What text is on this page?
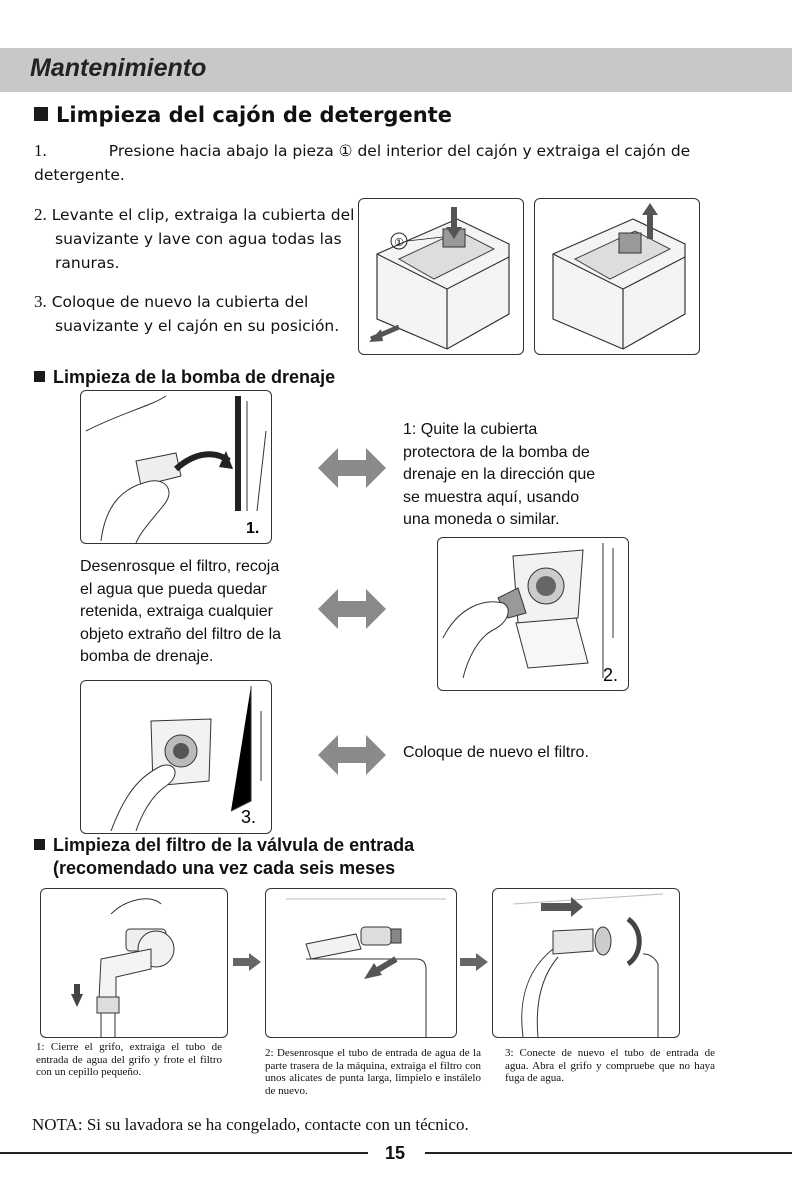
Mantenimiento
Limpieza del cajón de detergente
1.	Presione hacia abajo la pieza ① del interior del cajón y extraiga el cajón de
detergente.
2. Levante el clip, extraiga la cubierta del
suavizante y lave con agua todas las
ranuras.
3. Coloque de nuevo la cubierta del
suavizante y el cajón en su posición.
①
Limpieza de la bomba de drenaje
1.
1: Quite la cubierta
protectora de la bomba de
drenaje en la dirección que
se muestra aquí, usando
una moneda o similar.
Desenrosque el filtro, recoja
el agua que pueda quedar
retenida, extraiga cualquier
objeto extraño del filtro de la
bomba de drenaje.
2.
3.
Coloque de nuevo el filtro.
Limpieza del filtro de la válvula de entrada
(recomendado una vez cada seis meses
1: Cierre el grifo, extraiga el tubo de entrada de agua del grifo y frote el filtro con un cepillo pequeño.
2: Desenrosque el tubo de entrada de agua de la parte trasera de la máquina, extraiga el filtro con unos alicates de punta larga, limpielo e instálelo de nuevo.
3: Conecte de nuevo el tubo de entrada de agua. Abra el grifo y compruebe que no haya fuga de agua.
NOTA: Si su lavadora se ha congelado, contacte con un técnico.
15
